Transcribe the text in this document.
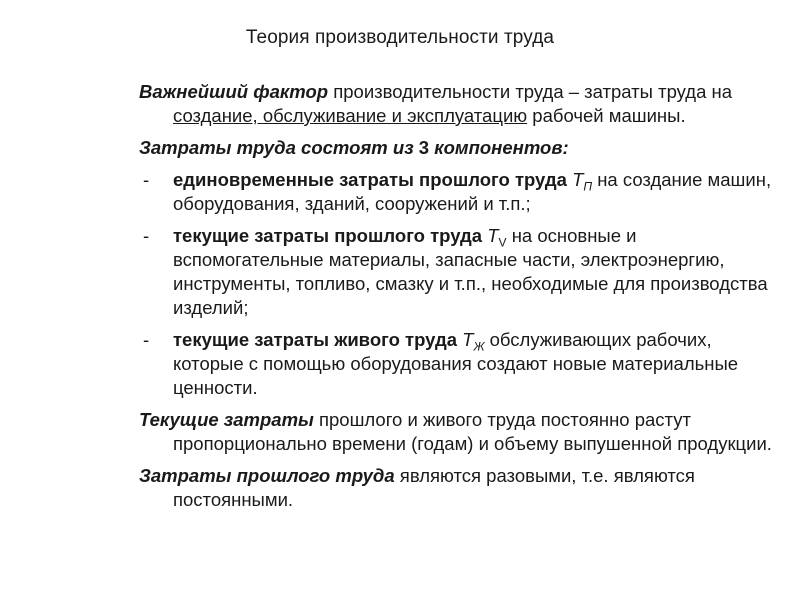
Теория производительности труда

Важнейший фактор производительности труда – затраты труда на создание, обслуживание и эксплуатацию рабочей машины.

Затраты труда состоят из 3 компонентов:

- единовременные затраты прошлого труда $T_П$ на создание машин, оборудования, зданий, сооружений и т.п.;
- текущие затраты прошлого труда $T_V$ на основные и вспомогательные материалы, запасные части, электроэнергию, инструменты, топливо, смазку и т.п., необходимые для производства изделий;
- текущие затраты живого труда $T_Ж$ обслуживающих рабочих, которые с помощью оборудования создают новые материальные ценности.

Текущие затраты прошлого и живого труда постоянно растут пропорционально времени (годам) и объему выпушенной продукции.

Затраты прошлого труда являются разовыми, т.е. являются постоянными.
